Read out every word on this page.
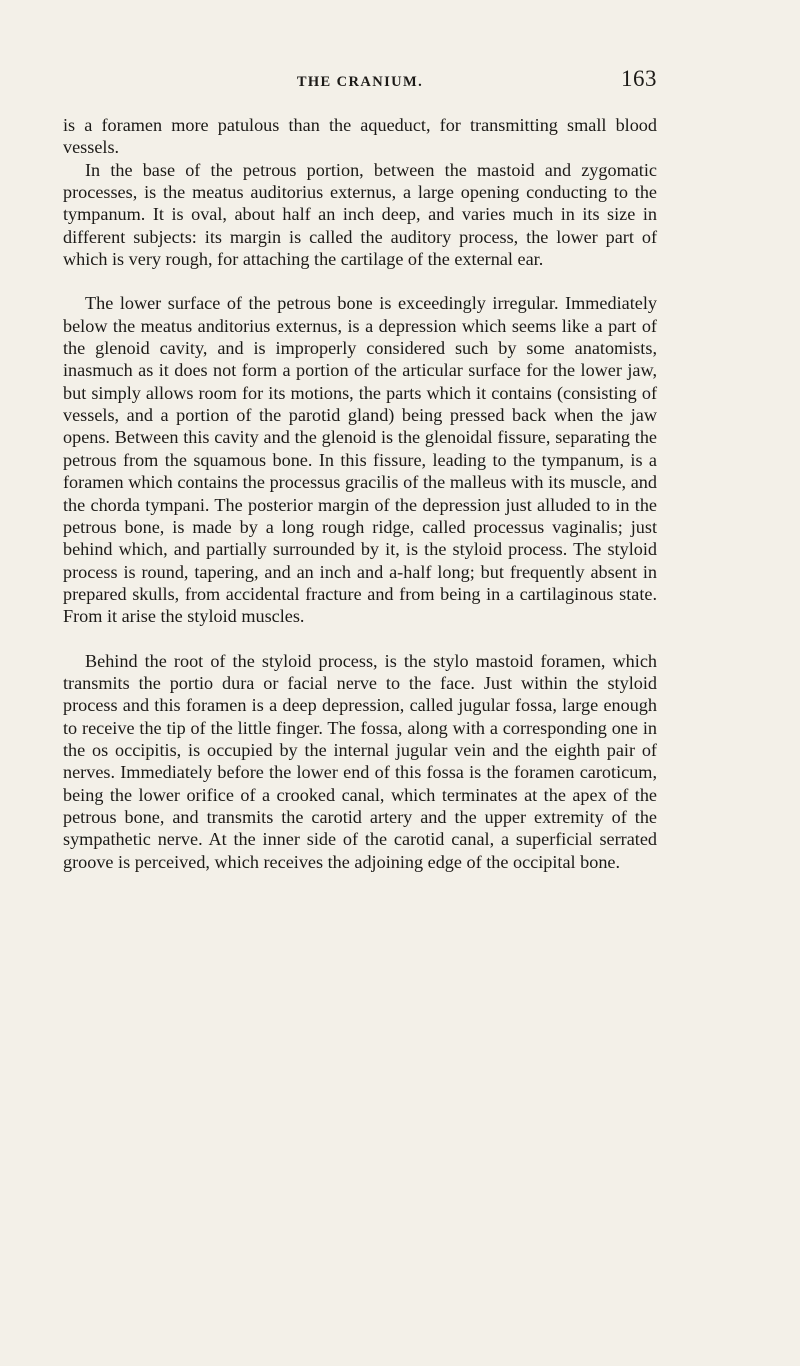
THE CRANIUM.	163

is a foramen more patulous than the aqueduct, for transmitting small blood vessels.

In the base of the petrous portion, between the mastoid and zygomatic processes, is the meatus auditorius externus, a large opening conducting to the tympanum. It is oval, about half an inch deep, and varies much in its size in different subjects: its margin is called the auditory process, the lower part of which is very rough, for attaching the cartilage of the external ear.

The lower surface of the petrous bone is exceedingly irregular. Immediately below the meatus anditorius externus, is a depression which seems like a part of the glenoid cavity, and is improperly considered such by some anatomists, inasmuch as it does not form a portion of the articular surface for the lower jaw, but simply allows room for its motions, the parts which it contains (consisting of vessels, and a portion of the parotid gland) being pressed back when the jaw opens. Between this cavity and the glenoid is the glenoidal fissure, separating the petrous from the squamous bone. In this fissure, leading to the tympanum, is a foramen which contains the processus gracilis of the malleus with its muscle, and the chorda tympani. The posterior margin of the depression just alluded to in the petrous bone, is made by a long rough ridge, called processus vaginalis; just behind which, and partially surrounded by it, is the styloid process. The styloid process is round, tapering, and an inch and a-half long; but frequently absent in prepared skulls, from accidental fracture and from being in a cartilaginous state. From it arise the styloid muscles.

Behind the root of the styloid process, is the stylo mastoid foramen, which transmits the portio dura or facial nerve to the face. Just within the styloid process and this foramen is a deep depression, called jugular fossa, large enough to receive the tip of the little finger. The fossa, along with a corresponding one in the os occipitis, is occupied by the internal jugular vein and the eighth pair of nerves. Immediately before the lower end of this fossa is the foramen caroticum, being the lower orifice of a crooked canal, which terminates at the apex of the petrous bone, and transmits the carotid artery and the upper extremity of the sympathetic nerve. At the inner side of the carotid canal, a superficial serrated groove is perceived, which receives the adjoining edge of the occipital bone.
